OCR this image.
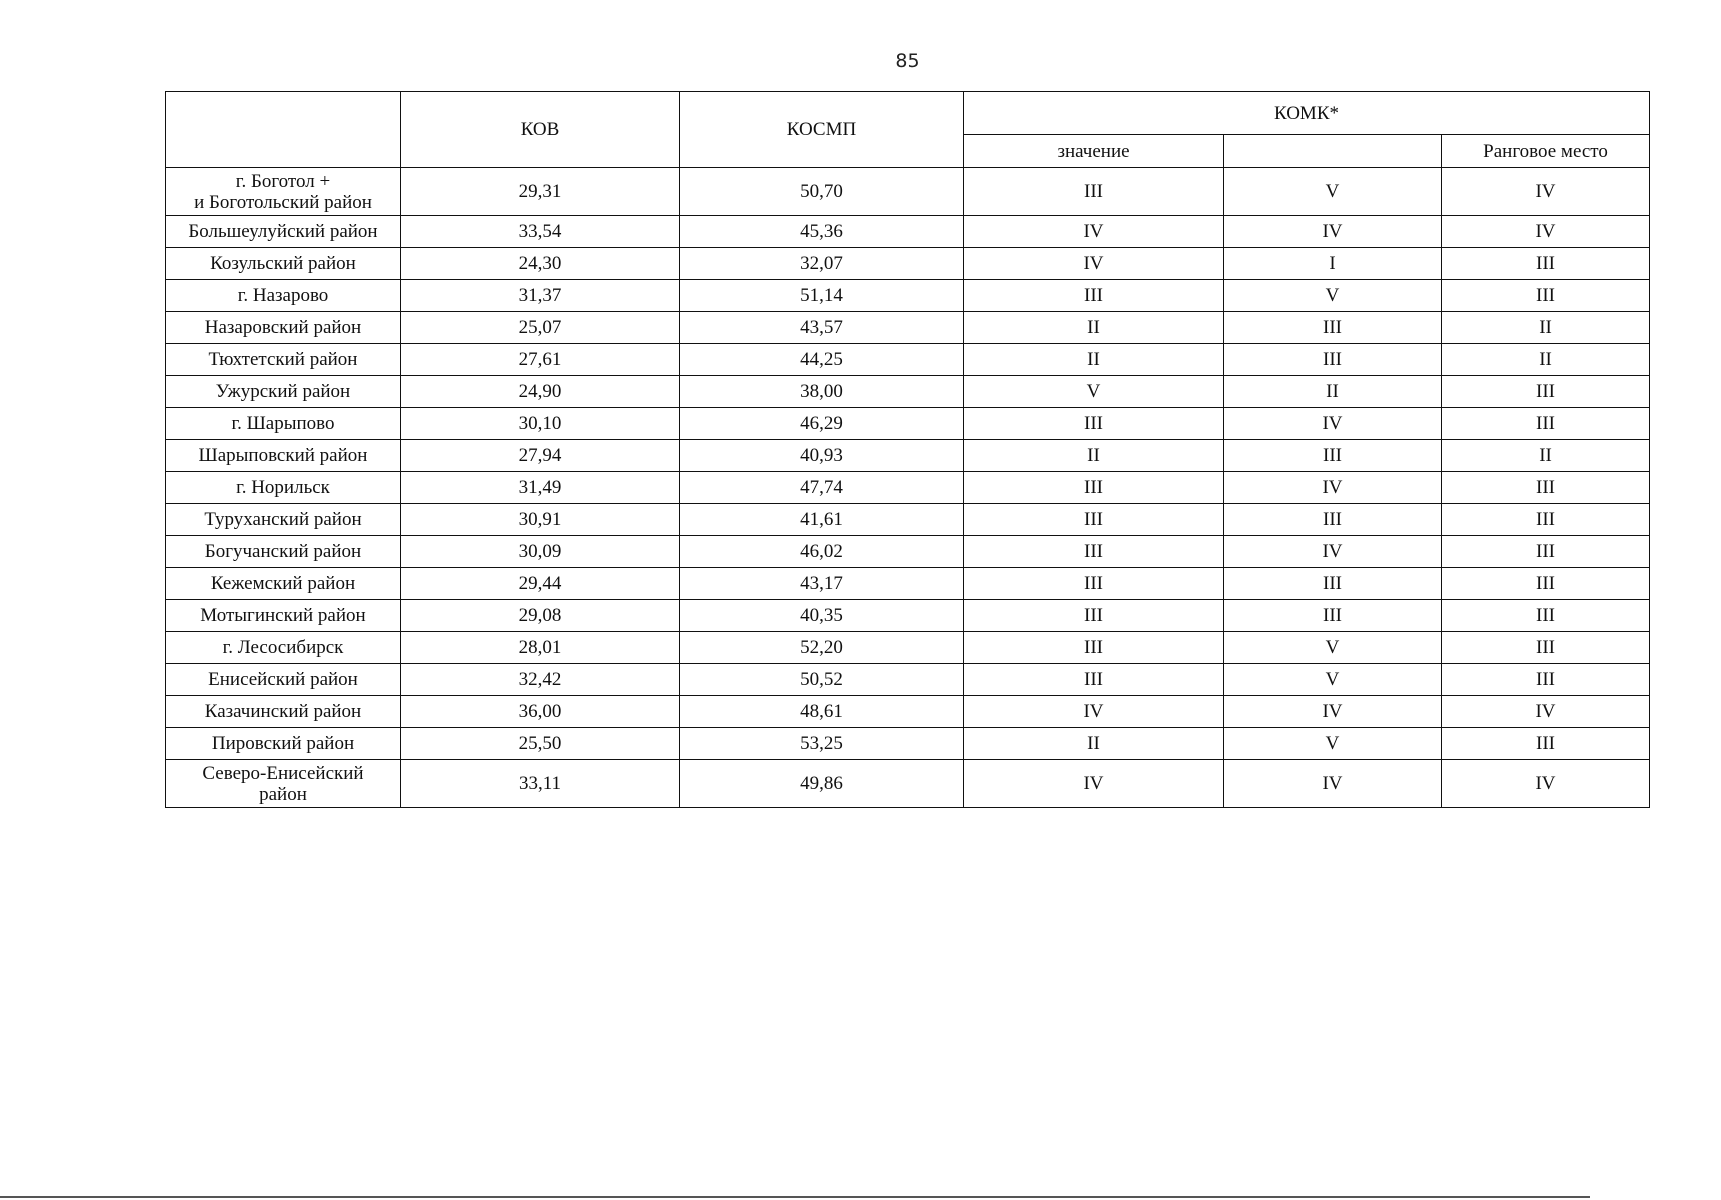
85
	КОВ	КОСМП	КОМК*		
			значение		Ранговое место
г. Боготол +
и Боготольский район	29,31	50,70	III	V	IV
Большеулуйский район	33,54	45,36	IV	IV	IV
Козульский район	24,30	32,07	IV	I	III
г. Назарово	31,37	51,14	III	V	III
Назаровский район	25,07	43,57	II	III	II
Тюхтетский район	27,61	44,25	II	III	II
Ужурский район	24,90	38,00	V	II	III
г. Шарыпово	30,10	46,29	III	IV	III
Шарыповский район	27,94	40,93	II	III	II
г. Норильск	31,49	47,74	III	IV	III
Туруханский район	30,91	41,61	III	III	III
Богучанский район	30,09	46,02	III	IV	III
Кежемский район	29,44	43,17	III	III	III
Мотыгинский район	29,08	40,35	III	III	III
г. Лесосибирск	28,01	52,20	III	V	III
Енисейский район	32,42	50,52	III	V	III
Казачинский район	36,00	48,61	IV	IV	IV
Пировский район	25,50	53,25	II	V	III
Северо-Енисейский
район	33,11	49,86	IV	IV	IV
